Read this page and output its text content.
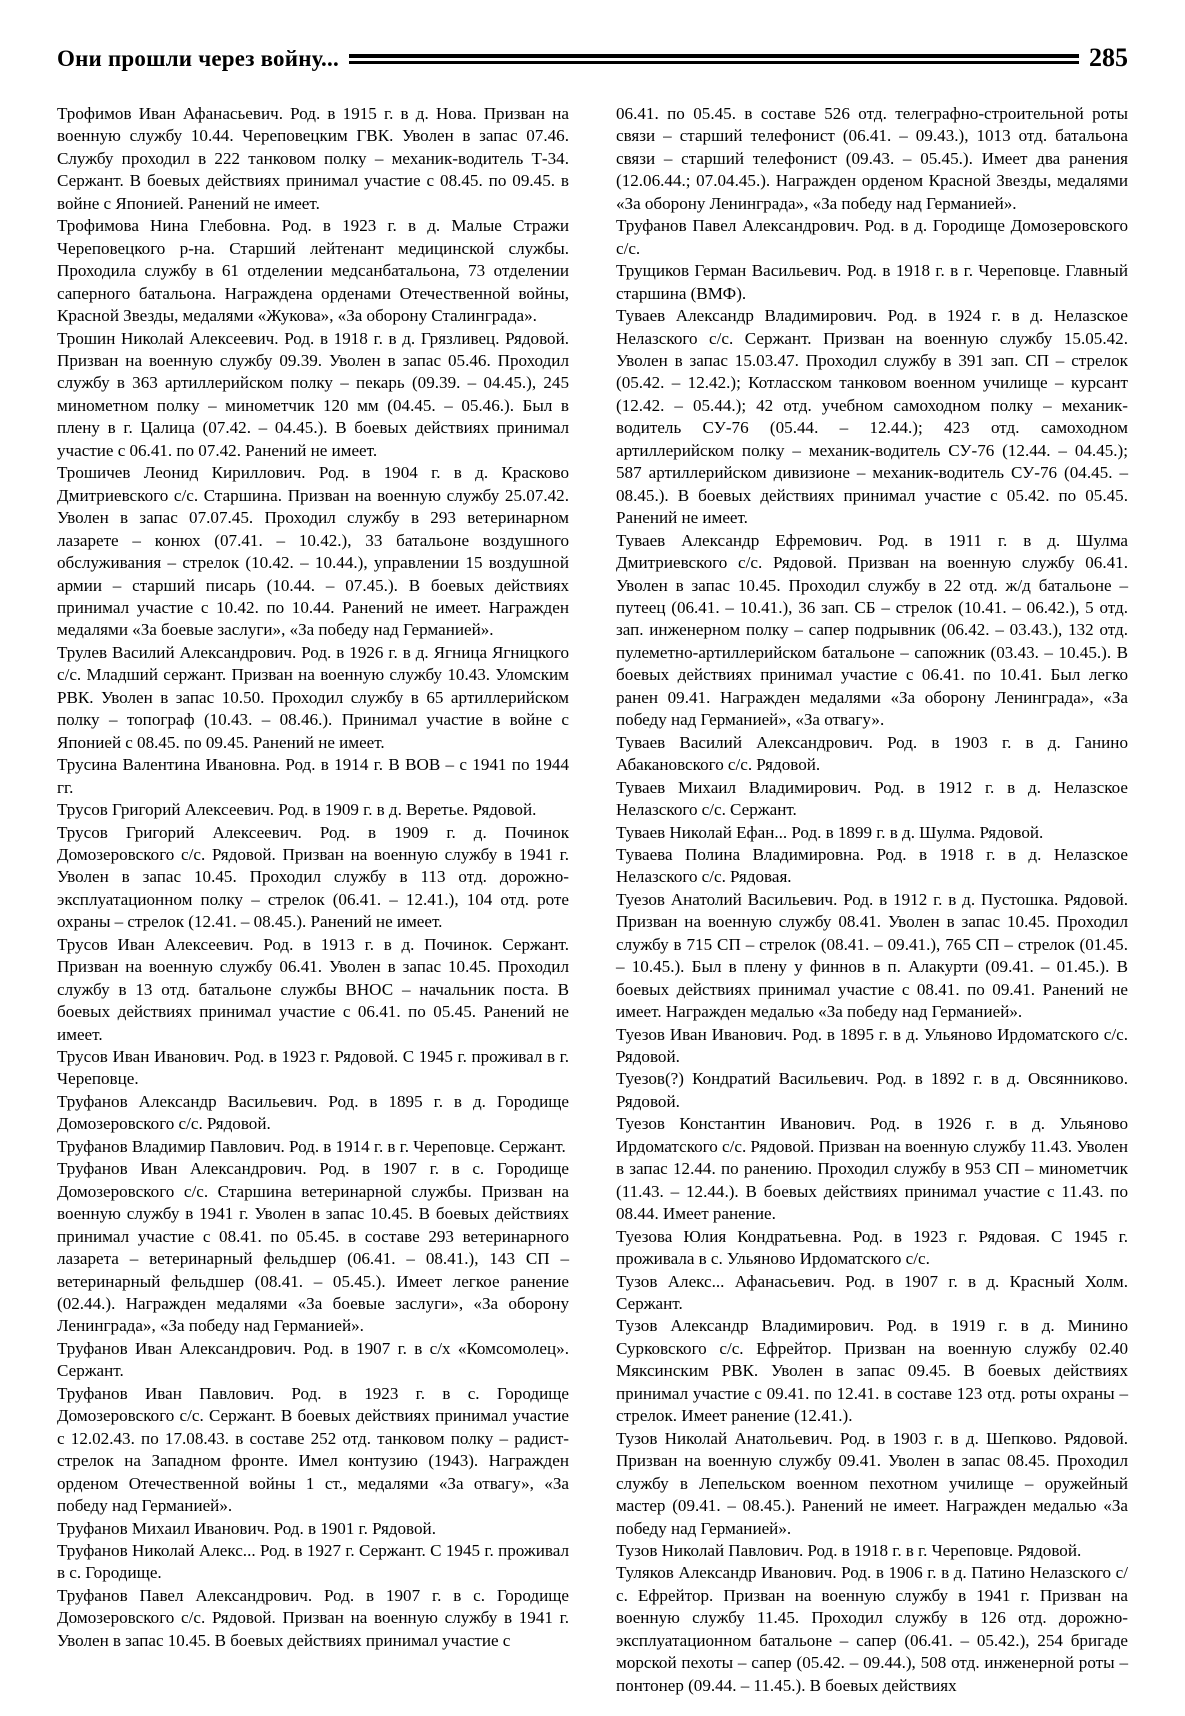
Они прошли через войну...	285

Трофимов Иван Афанасьевич. Род. в 1915 г. в д. Нова. Призван на военную службу 10.44. Череповецким ГВК. Уволен в запас 07.46. Службу проходил в 222 танковом полку – механик-водитель Т-34. Сержант. В боевых действиях принимал участие с 08.45. по 09.45. в войне с Японией. Ранений не имеет.

Трофимова Нина Глебовна. Род. в 1923 г. в д. Малые Стражи Череповецкого р-на. Старший лейтенант медицинской службы. Проходила службу в 61 отделении медсанбатальона, 73 отделении саперного батальона. Награждена орденами Отечественной войны, Красной Звезды, медалями «Жукова», «За оборону Сталинграда».

Трошин Николай Алексеевич. Род. в 1918 г. в д. Грязливец. Рядовой. Призван на военную службу 09.39. Уволен в запас 05.46. Проходил службу в 363 артиллерийском полку – пекарь (09.39. – 04.45.), 245 минометном полку – минометчик 120 мм (04.45. – 05.46.). Был в плену в г. Цалица (07.42. – 04.45.). В боевых действиях принимал участие с 06.41. по 07.42. Ранений не имеет.

Трошичев Леонид Кириллович. Род. в 1904 г. в д. Красково Дмитриевского с/с. Старшина. Призван на военную службу 25.07.42. Уволен в запас 07.07.45. Проходил службу в 293 ветеринарном лазарете – конюх (07.41. – 10.42.), 33 батальоне воздушного обслуживания – стрелок (10.42. – 10.44.), управлении 15 воздушной армии – старший писарь (10.44. – 07.45.). В боевых действиях принимал участие с 10.42. по 10.44. Ранений не имеет. Награжден медалями «За боевые заслуги», «За победу над Германией».

Трулев Василий Александрович. Род. в 1926 г. в д. Ягница Ягницкого с/с. Младший сержант. Призван на военную службу 10.43. Уломским РВК. Уволен в запас 10.50. Проходил службу в 65 артиллерийском полку – топограф (10.43. – 08.46.). Принимал участие в войне с Японией с 08.45. по 09.45. Ранений не имеет.

Трусина Валентина Ивановна. Род. в 1914 г. В ВОВ – с 1941 по 1944 гг.

Трусов Григорий Алексеевич. Род. в 1909 г. в д. Веретье. Рядовой.

Трусов Григорий Алексеевич. Род. в 1909 г. д. Починок Домозеровского с/с. Рядовой. Призван на военную службу в 1941 г. Уволен в запас 10.45. Проходил службу в 113 отд. дорожно-эксплуатационном полку – стрелок (06.41. – 12.41.), 104 отд. роте охраны – стрелок (12.41. – 08.45.). Ранений не имеет.

Трусов Иван Алексеевич. Род. в 1913 г. в д. Починок. Сержант. Призван на военную службу 06.41. Уволен в запас 10.45. Проходил службу в 13 отд. батальоне службы ВНОС – начальник поста. В боевых действиях принимал участие с 06.41. по 05.45. Ранений не имеет.

Трусов Иван Иванович. Род. в 1923 г. Рядовой. С 1945 г. проживал в г. Череповце.

Труфанов Александр Васильевич. Род. в 1895 г. в д. Городище Домозеровского с/с. Рядовой.

Труфанов Владимир Павлович. Род. в 1914 г. в г. Череповце. Сержант.

Труфанов Иван Александрович. Род. в 1907 г. в с. Городище Домозеровского с/с. Старшина ветеринарной службы. Призван на военную службу в 1941 г. Уволен в запас 10.45. В боевых действиях принимал участие с 08.41. по 05.45. в составе 293 ветеринарного лазарета – ветеринарный фельдшер (06.41. – 08.41.), 143 СП – ветеринарный фельдшер (08.41. – 05.45.). Имеет легкое ранение (02.44.). Награжден медалями «За боевые заслуги», «За оборону Ленинграда», «За победу над Германией».

Труфанов Иван Александрович. Род. в 1907 г. в с/х «Комсомолец». Сержант.

Труфанов Иван Павлович. Род. в 1923 г. в с. Городище Домозеровского с/с. Сержант. В боевых действиях принимал участие с 12.02.43. по 17.08.43. в составе 252 отд. танковом полку – радист-стрелок на Западном фронте. Имел контузию (1943). Награжден орденом Отечественной войны 1 ст., медалями «За отвагу», «За победу над Германией».

Труфанов Михаил Иванович. Род. в 1901 г. Рядовой.

Труфанов Николай Алекс... Род. в 1927 г. Сержант. С 1945 г. проживал в с. Городище.

Труфанов Павел Александрович. Род. в 1907 г. в с. Городище Домозеровского с/с. Рядовой. Призван на военную службу в 1941 г. Уволен в запас 10.45. В боевых действиях принимал участие с

06.41. по 05.45. в составе 526 отд. телеграфно-строительной роты связи – старший телефонист (06.41. – 09.43.), 1013 отд. батальона связи – старший телефонист (09.43. – 05.45.). Имеет два ранения (12.06.44.; 07.04.45.). Награжден орденом Красной Звезды, медалями «За оборону Ленинграда», «За победу над Германией».

Труфанов Павел Александрович. Род. в д. Городище Домозеровского с/с.

Трущиков Герман Васильевич. Род. в 1918 г. в г. Череповце. Главный старшина (ВМФ).

Туваев Александр Владимирович. Род. в 1924 г. в д. Нелазское Нелазского с/с. Сержант. Призван на военную службу 15.05.42. Уволен в запас 15.03.47. Проходил службу в 391 зап. СП – стрелок (05.42. – 12.42.); Котласском танковом военном училище – курсант (12.42. – 05.44.); 42 отд. учебном самоходном полку – механик-водитель СУ-76 (05.44. – 12.44.); 423 отд. самоходном артиллерийском полку – механик-водитель СУ-76 (12.44. – 04.45.); 587 артиллерийском дивизионе – механик-водитель СУ-76 (04.45. – 08.45.). В боевых действиях принимал участие с 05.42. по 05.45. Ранений не имеет.

Туваев Александр Ефремович. Род. в 1911 г. в д. Шулма Дмитриевского с/с. Рядовой. Призван на военную службу 06.41. Уволен в запас 10.45. Проходил службу в 22 отд. ж/д батальоне – путеец (06.41. – 10.41.), 36 зап. СБ – стрелок (10.41. – 06.42.), 5 отд. зап. инженерном полку – сапер подрывник (06.42. – 03.43.), 132 отд. пулеметно-артиллерийском батальоне – сапожник (03.43. – 10.45.). В боевых действиях принимал участие с 06.41. по 10.41. Был легко ранен 09.41. Награжден медалями «За оборону Ленинграда», «За победу над Германией», «За отвагу».

Туваев Василий Александрович. Род. в 1903 г. в д. Ганино Абакановского с/с. Рядовой.

Туваев Михаил Владимирович. Род. в 1912 г. в д. Нелазское Нелазского с/с. Сержант.

Туваев Николай Ефан... Род. в 1899 г. в д. Шулма. Рядовой.

Туваева Полина Владимировна. Род. в 1918 г. в д. Нелазское Нелазского с/с. Рядовая.

Туезов Анатолий Васильевич. Род. в 1912 г. в д. Пустошка. Рядовой. Призван на военную службу 08.41. Уволен в запас 10.45. Проходил службу в 715 СП – стрелок (08.41. – 09.41.), 765 СП – стрелок (01.45. – 10.45.). Был в плену у финнов в п. Алакурти (09.41. – 01.45.). В боевых действиях принимал участие с 08.41. по 09.41. Ранений не имеет. Награжден медалью «За победу над Германией».

Туезов Иван Иванович. Род. в 1895 г. в д. Ульяново Ирдоматского с/с. Рядовой.

Туезов(?) Кондратий Васильевич. Род. в 1892 г. в д. Овсянниково. Рядовой.

Туезов Константин Иванович. Род. в 1926 г. в д. Ульяново Ирдоматского с/с. Рядовой. Призван на военную службу 11.43. Уволен в запас 12.44. по ранению. Проходил службу в 953 СП – минометчик (11.43. – 12.44.). В боевых действиях принимал участие с 11.43. по 08.44. Имеет ранение.

Туезова Юлия Кондратьевна. Род. в 1923 г. Рядовая. С 1945 г. проживала в с. Ульяново Ирдоматского с/с.

Тузов Алекс... Афанасьевич. Род. в 1907 г. в д. Красный Холм. Сержант.

Тузов Александр Владимирович. Род. в 1919 г. в д. Минино Сурковского с/с. Ефрейтор. Призван на военную службу 02.40 Мяксинским РВК. Уволен в запас 09.45. В боевых действиях принимал участие с 09.41. по 12.41. в составе 123 отд. роты охраны – стрелок. Имеет ранение (12.41.).

Тузов Николай Анатольевич. Род. в 1903 г. в д. Шепково. Рядовой. Призван на военную службу 09.41. Уволен в запас 08.45. Проходил службу в Лепельском военном пехотном училище – оружейный мастер (09.41. – 08.45.). Ранений не имеет. Награжден медалью «За победу над Германией».

Тузов Николай Павлович. Род. в 1918 г. в г. Череповце. Рядовой.

Туляков Александр Иванович. Род. в 1906 г. в д. Патино Нелазского с/с. Ефрейтор. Призван на военную службу в 1941 г. Призван на военную службу 11.45. Проходил службу в 126 отд. дорожно-эксплуатационном батальоне – сапер (06.41. – 05.42.), 254 бригаде морской пехоты – сапер (05.42. – 09.44.), 508 отд. инженерной роты – понтонер (09.44. – 11.45.). В боевых действиях
